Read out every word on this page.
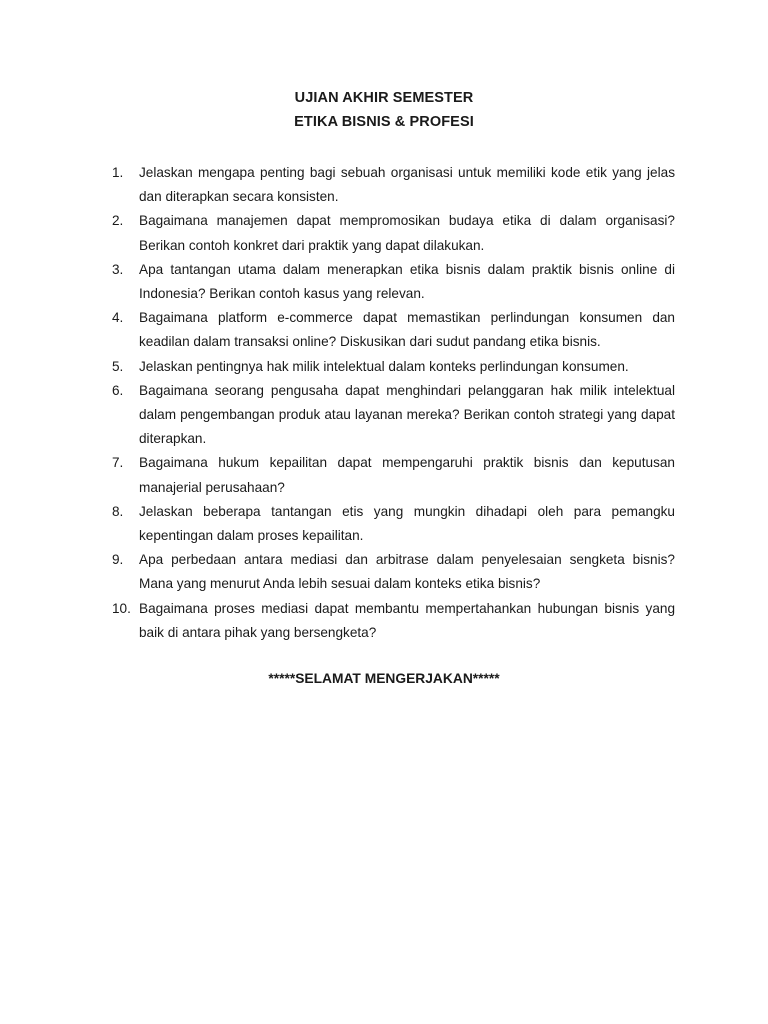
UJIAN AKHIR SEMESTER
ETIKA BISNIS & PROFESI
1.	Jelaskan mengapa penting bagi sebuah organisasi untuk memiliki kode etik yang jelas dan diterapkan secara konsisten.
2.	Bagaimana manajemen dapat mempromosikan budaya etika di dalam organisasi? Berikan contoh konkret dari praktik yang dapat dilakukan.
3.	Apa tantangan utama dalam menerapkan etika bisnis dalam praktik bisnis online di Indonesia? Berikan contoh kasus yang relevan.
4.	Bagaimana platform e-commerce dapat memastikan perlindungan konsumen dan keadilan dalam transaksi online? Diskusikan dari sudut pandang etika bisnis.
5.	Jelaskan pentingnya hak milik intelektual dalam konteks perlindungan konsumen.
6.	Bagaimana seorang pengusaha dapat menghindari pelanggaran hak milik intelektual dalam pengembangan produk atau layanan mereka? Berikan contoh strategi yang dapat diterapkan.
7.	Bagaimana hukum kepailitan dapat mempengaruhi praktik bisnis dan keputusan manajerial perusahaan?
8.	Jelaskan beberapa tantangan etis yang mungkin dihadapi oleh para pemangku kepentingan dalam proses kepailitan.
9.	Apa perbedaan antara mediasi dan arbitrase dalam penyelesaian sengketa bisnis? Mana yang menurut Anda lebih sesuai dalam konteks etika bisnis?
10. Bagaimana proses mediasi dapat membantu mempertahankan hubungan bisnis yang baik di antara pihak yang bersengketa?
*****SELAMAT MENGERJAKAN*****
